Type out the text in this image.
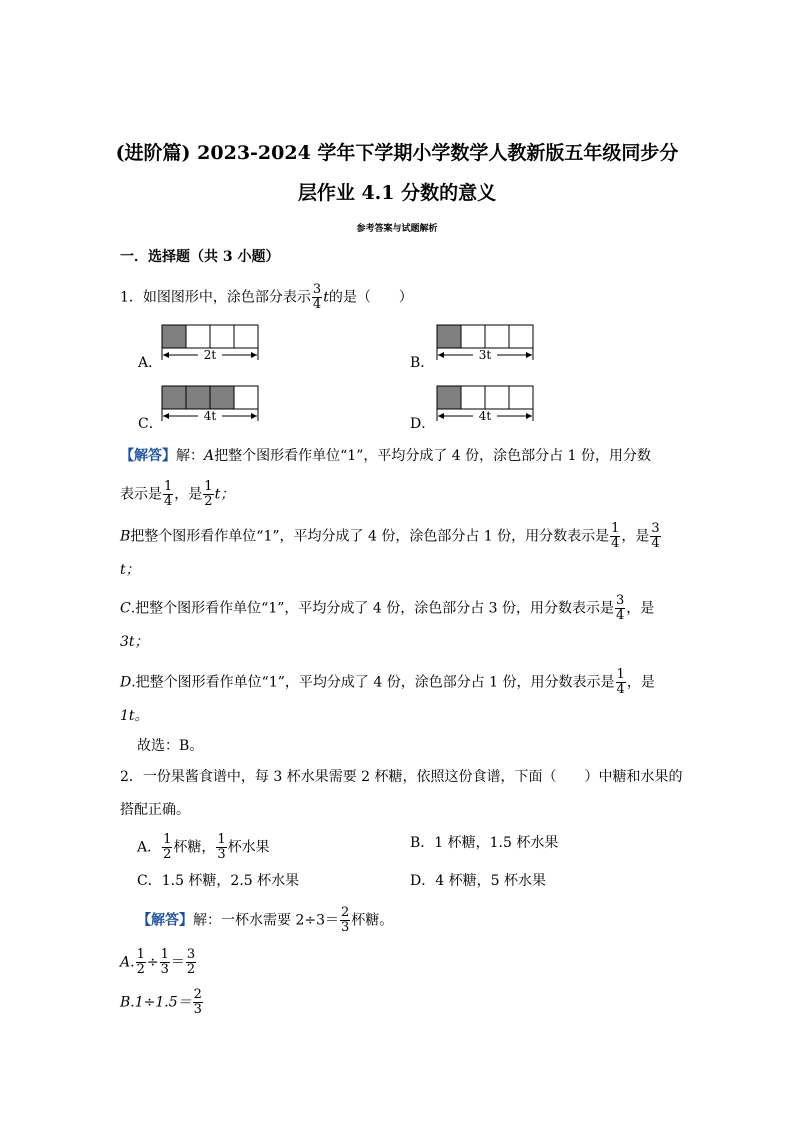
(进阶篇) 2023-2024 学年下学期小学数学人教新版五年级同步分
层作业 4.1 分数的意义
参考答案与试题解析
一．选择题（共 3 小题）
1．如图图形中，涂色部分表示 $\frac{3}{4}$ t的是（　　）
A．	B．
C．	D．
2t	3t
4t	4t
【解答】解：A把整个图形看作单位“1”，平均分成了 4 份，涂色部分占 1 份，用分数
表示是 $\frac{1}{4}$ ，是 $\frac{1}{2}$ t；
B把整个图形看作单位“1”，平均分成了 4 份，涂色部分占 1 份，用分数表示是 $\frac{1}{4}$ ，是 $\frac{3}{4}$
t；
C.把整个图形看作单位“1”，平均分成了 4 份，涂色部分占 3 份，用分数表示是 $\frac{3}{4}$ ，是
3t；
D.把整个图形看作单位“1”，平均分成了 4 份，涂色部分占 1 份，用分数表示是 $\frac{1}{4}$ ，是
1t。
故选：B。
2．一份果酱食谱中，每 3 杯水果需要 2 杯糖，依照这份食谱，下面（　　）中糖和水果的
搭配正确。
A． $\frac{1}{2}$ 杯糖， $\frac{1}{3}$ 杯水果	B．1 杯糖，1.5 杯水果
C．1.5 杯糖，2.5 杯水果	D．4 杯糖，5 杯水果
【解答】解：一杯水需要 $2\div 3= \frac{2}{3}$ 杯糖。
A. $\frac{1}{2} \div \frac{1}{3} = \frac{3}{2}$
$B.1\div 1.5= \frac{2}{3}$
